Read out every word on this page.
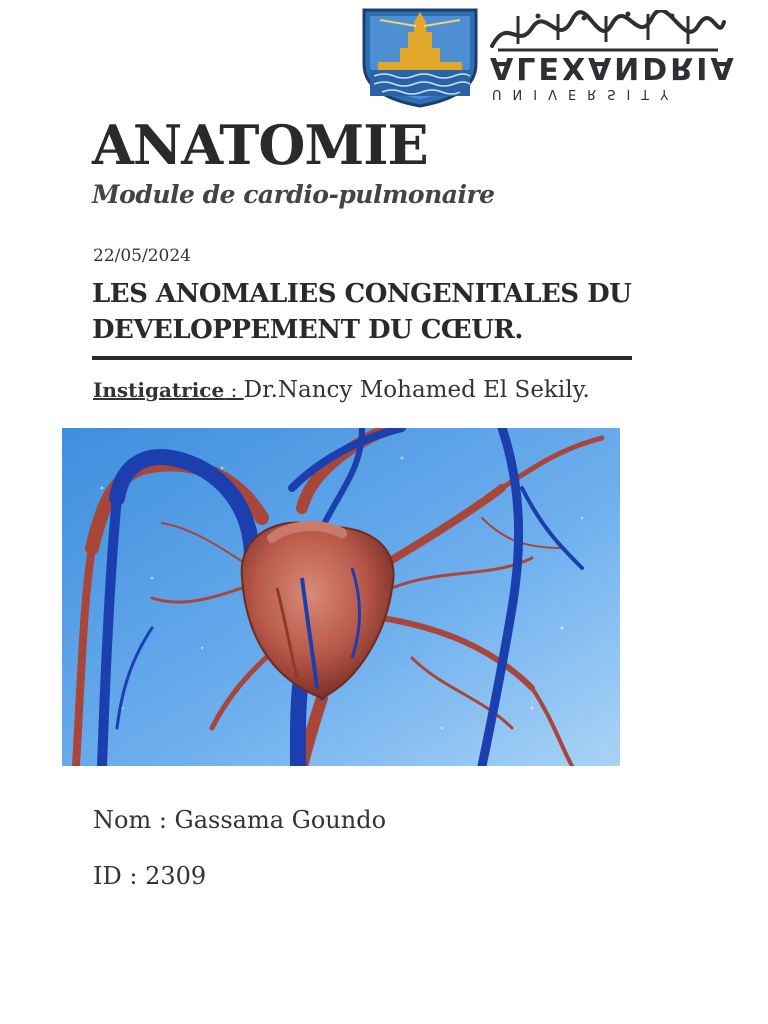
ALEXANDRIA
UNIVERSITY
ANATOMIE
Module de cardio-pulmonaire
22/05/2024
LES ANOMALIES CONGENITALES DU DEVELOPPEMENT DU CŒUR.
Instigatrice : Dr.Nancy Mohamed El Sekily.
Nom : Gassama Goundo
ID : 2309
